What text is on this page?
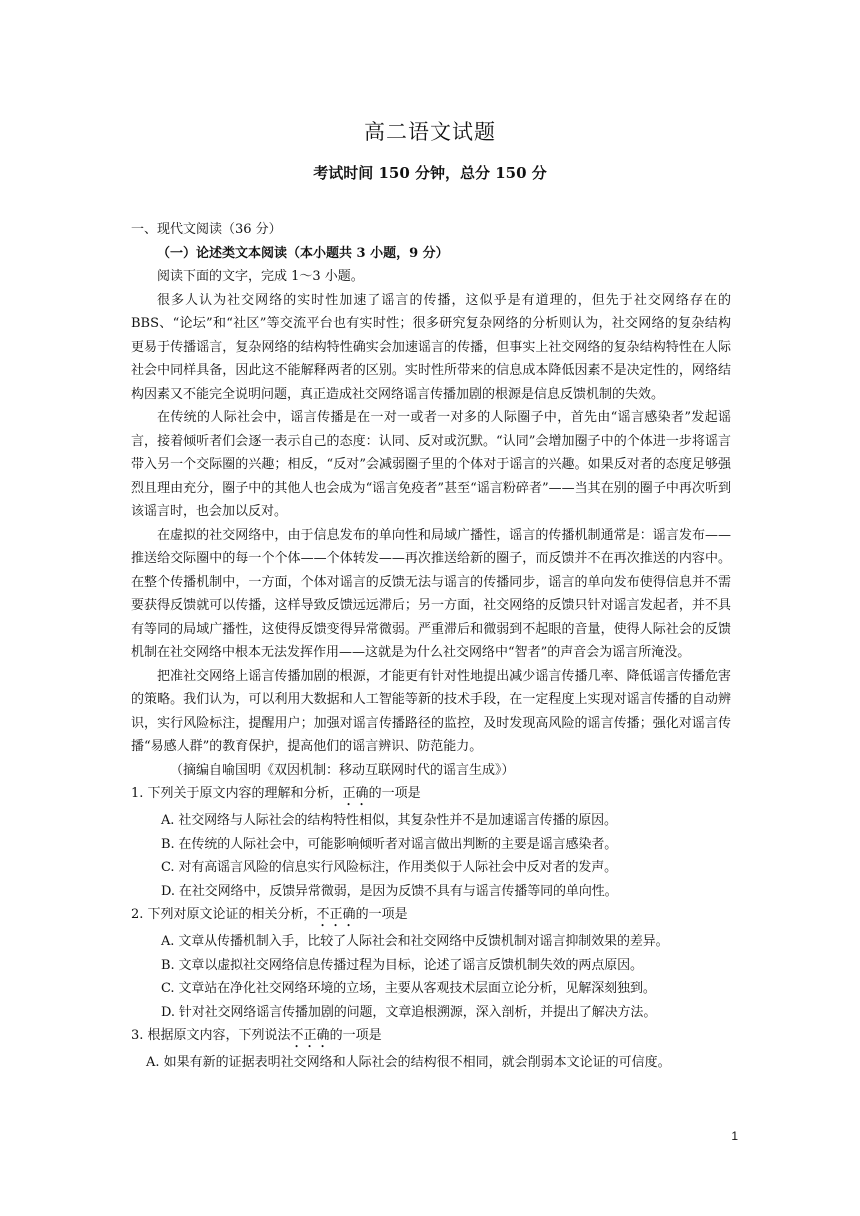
高二语文试题
考试时间 150 分钟，总分 150 分

一、现代文阅读（36 分）

（一）论述类文本阅读（本小题共 3 小题，9 分）

阅读下面的文字，完成 1～3 小题。

很多人认为社交网络的实时性加速了谣言的传播，这似乎是有道理的，但先于社交网络存在的 BBS、“论坛”和“社区”等交流平台也有实时性；很多研究复杂网络的分析则认为，社交网络的复杂结构更易于传播谣言，复杂网络的结构特性确实会加速谣言的传播，但事实上社交网络的复杂结构特性在人际社会中同样具备，因此这不能解释两者的区别。实时性所带来的信息成本降低因素不是决定性的，网络结构因素又不能完全说明问题，真正造成社交网络谣言传播加剧的根源是信息反馈机制的失效。

在传统的人际社会中，谣言传播是在一对一或者一对多的人际圈子中，首先由“谣言感染者”发起谣言，接着倾听者们会逐一表示自己的态度：认同、反对或沉默。“认同”会增加圈子中的个体进一步将谣言带入另一个交际圈的兴趣；相反，“反对”会减弱圈子里的个体对于谣言的兴趣。如果反对者的态度足够强烈且理由充分，圈子中的其他人也会成为“谣言免疫者”甚至“谣言粉碎者”——当其在别的圈子中再次听到该谣言时，也会加以反对。

在虚拟的社交网络中，由于信息发布的单向性和局域广播性，谣言的传播机制通常是：谣言发布——推送给交际圈中的每一个个体——个体转发——再次推送给新的圈子，而反馈并不在再次推送的内容中。在整个传播机制中，一方面，个体对谣言的反馈无法与谣言的传播同步，谣言的单向发布使得信息并不需要获得反馈就可以传播，这样导致反馈远远滞后；另一方面，社交网络的反馈只针对谣言发起者，并不具有等同的局域广播性，这使得反馈变得异常微弱。严重滞后和微弱到不起眼的音量，使得人际社会的反馈机制在社交网络中根本无法发挥作用——这就是为什么社交网络中“智者”的声音会为谣言所淹没。

把准社交网络上谣言传播加剧的根源，才能更有针对性地提出减少谣言传播几率、降低谣言传播危害的策略。我们认为，可以利用大数据和人工智能等新的技术手段，在一定程度上实现对谣言传播的自动辨识，实行风险标注，提醒用户；加强对谣言传播路径的监控，及时发现高风险的谣言传播；强化对谣言传播“易感人群”的教育保护，提高他们的谣言辨识、防范能力。

（摘编自喻国明《双因机制：移动互联网时代的谣言生成》）

1. 下列关于原文内容的理解和分析，正确的一项是

A. 社交网络与人际社会的结构特性相似，其复杂性并不是加速谣言传播的原因。

B. 在传统的人际社会中，可能影响倾听者对谣言做出判断的主要是谣言感染者。

C. 对有高谣言风险的信息实行风险标注，作用类似于人际社会中反对者的发声。

D. 在社交网络中，反馈异常微弱，是因为反馈不具有与谣言传播等同的单向性。

2. 下列对原文论证的相关分析，不正确的一项是

A. 文章从传播机制入手，比较了人际社会和社交网络中反馈机制对谣言抑制效果的差异。

B. 文章以虚拟社交网络信息传播过程为目标，论述了谣言反馈机制失效的两点原因。

C. 文章站在净化社交网络环境的立场，主要从客观技术层面立论分析，见解深刻独到。

D. 针对社交网络谣言传播加剧的问题，文章追根溯源，深入剖析，并提出了解决方法。

3. 根据原文内容，下列说法不正确的一项是

A. 如果有新的证据表明社交网络和人际社会的结构很不相同，就会削弱本文论证的可信度。

1
